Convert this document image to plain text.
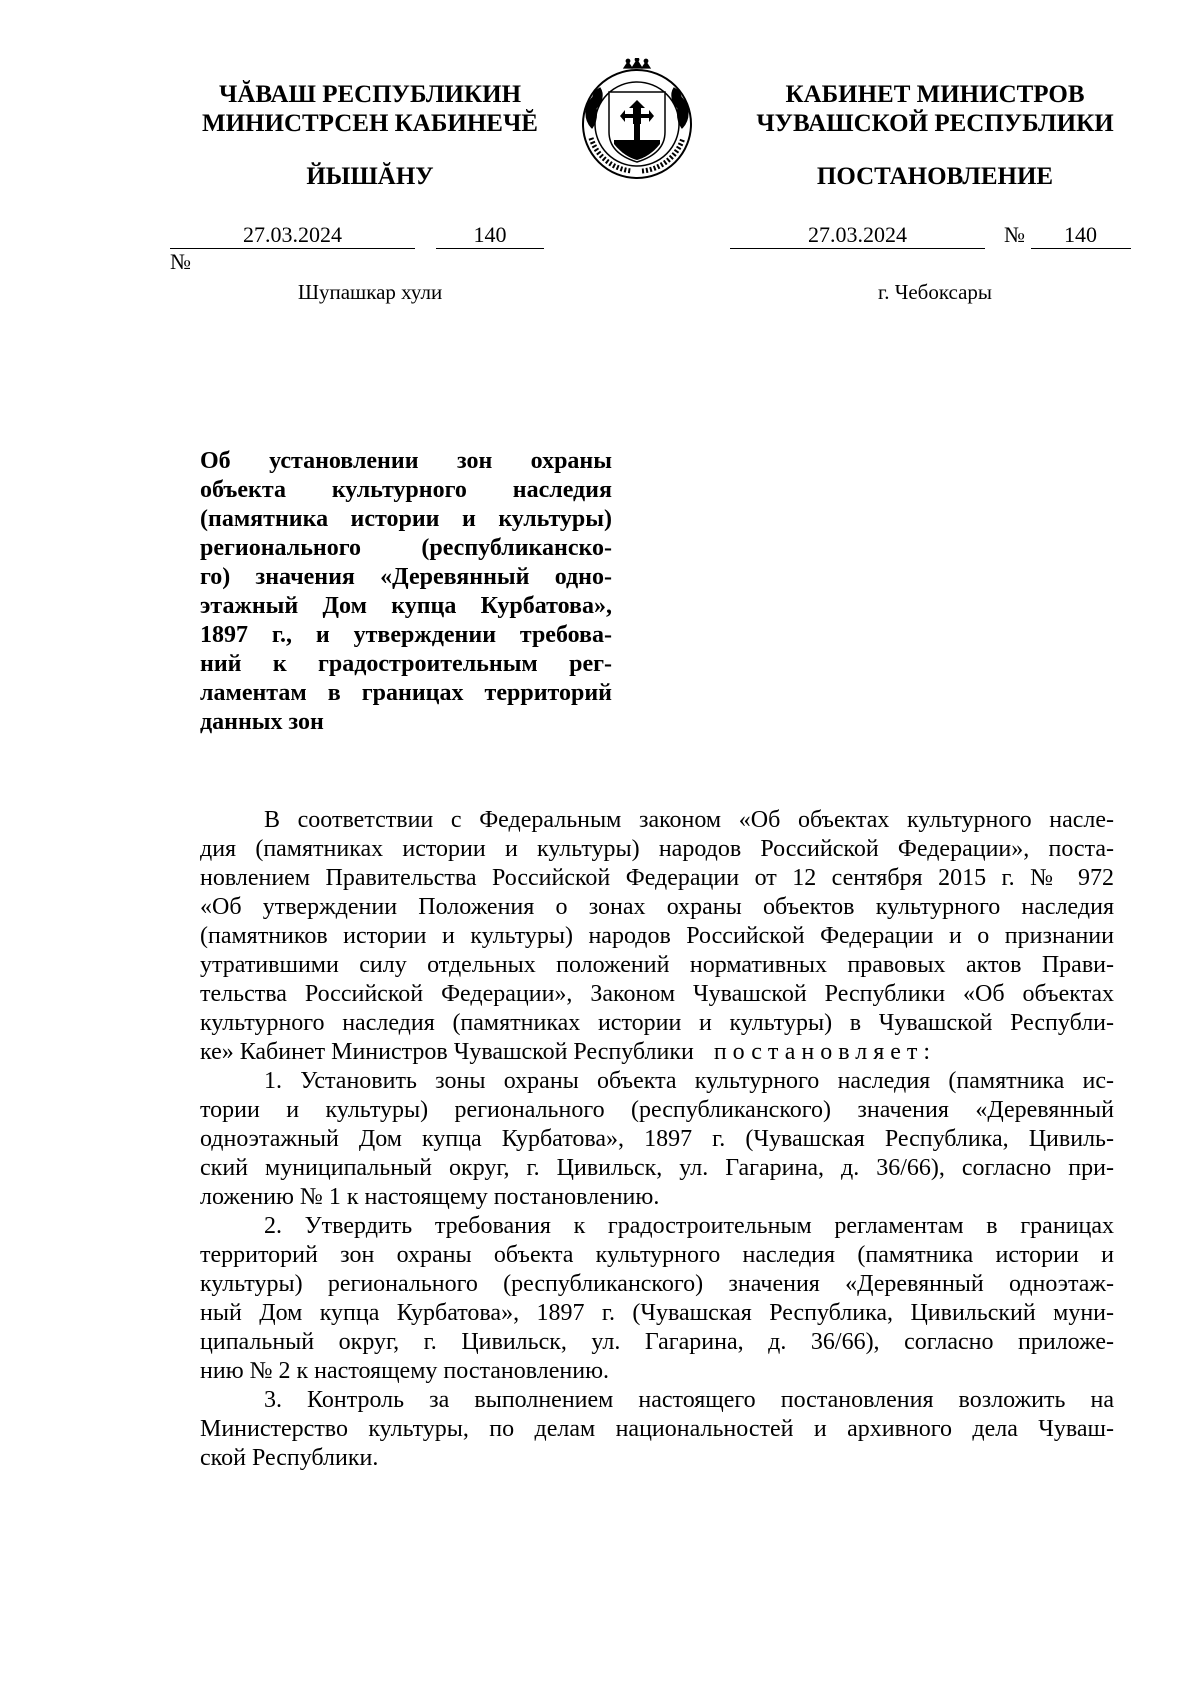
ЧĂВАШ РЕСПУБЛИКИН
МИНИСТРСЕН КАБИНЕЧĔ
ЙЫШĂНУ
27.03.2024	140 №
Шупашкар хули
КАБИНЕТ МИНИСТРОВ
ЧУВАШСКОЙ РЕСПУБЛИКИ
ПОСТАНОВЛЕНИЕ
27.03.2024	№ 140
г. Чебоксары
Об установлении зон охраны
объекта культурного наследия
(памятника истории и культуры)
регионального (республиканско-
го) значения «Деревянный одно-
этажный Дом купца Курбатова»,
1897 г., и утверждении требова-
ний к градостроительным рег-
ламентам в границах территорий
данных зон
В соответствии с Федеральным законом «Об объектах культурного насле-
дия (памятниках истории и культуры) народов Российской Федерации», поста-
новлением Правительства Российской Федерации от 12 сентября 2015 г. № 972
«Об утверждении Положения о зонах охраны объектов культурного наследия
(памятников истории и культуры) народов Российской Федерации и о признании
утратившими силу отдельных положений нормативных правовых актов Прави-
тельства Российской Федерации», Законом Чувашской Республики «Об объектах
культурного наследия (памятниках истории и культуры) в Чувашской Республи-
ке» Кабинет Министров Чувашской Республики постановляет:
1. Установить зоны охраны объекта культурного наследия (памятника ис-
тории и культуры) регионального (республиканского) значения «Деревянный
одноэтажный Дом купца Курбатова», 1897 г. (Чувашская Республика, Цивиль-
ский муниципальный округ, г. Цивильск, ул. Гагарина, д. 36/66), согласно при-
ложению № 1 к настоящему постановлению.
2. Утвердить требования к градостроительным регламентам в границах
территорий зон охраны объекта культурного наследия (памятника истории и
культуры) регионального (республиканского) значения «Деревянный одноэтаж-
ный Дом купца Курбатова», 1897 г. (Чувашская Республика, Цивильский муни-
ципальный округ, г. Цивильск, ул. Гагарина, д. 36/66), согласно приложе-
нию № 2 к настоящему постановлению.
3. Контроль за выполнением настоящего постановления возложить на
Министерство культуры, по делам национальностей и архивного дела Чуваш-
ской Республики.
